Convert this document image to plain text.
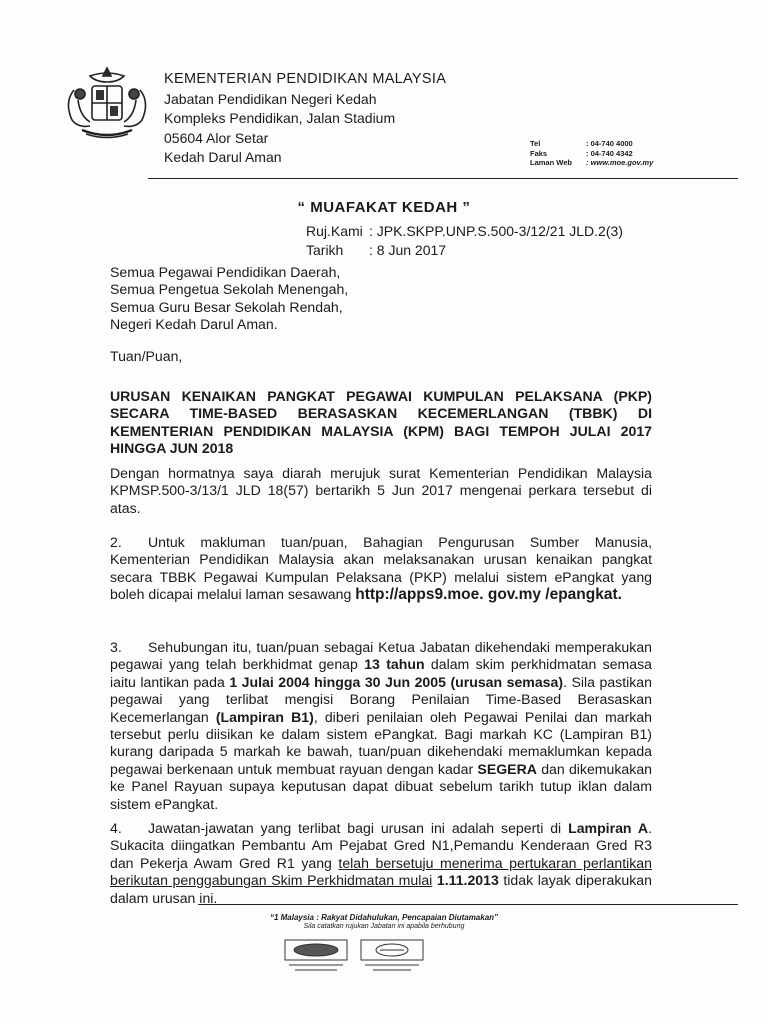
KEMENTERIAN PENDIDIKAN MALAYSIA
Jabatan Pendidikan Negeri Kedah
Kompleks Pendidikan, Jalan Stadium
05604 Alor Setar
Kedah Darul Aman
Tel	: 04-740 4000
Faks	: 04-740 4342
Laman Web	: www.moe.gov.my
“ MUAFAKAT KEDAH ”
Ruj.Kami : JPK.SKPP.UNP.S.500-3/12/21 JLD.2(3)
Tarikh	: 8 Jun 2017
Semua Pegawai Pendidikan Daerah,
Semua Pengetua Sekolah Menengah,
Semua Guru Besar Sekolah Rendah,
Negeri Kedah Darul Aman.
Tuan/Puan,
URUSAN KENAIKAN PANGKAT PEGAWAI KUMPULAN PELAKSANA (PKP) SECARA TIME-BASED BERASASKAN KECEMERLANGAN (TBBK) DI KEMENTERIAN PENDIDIKAN MALAYSIA (KPM) BAGI TEMPOH JULAI 2017 HINGGA JUN 2018
Dengan hormatnya saya diarah merujuk surat Kementerian Pendidikan Malaysia KPMSP.500-3/13/1 JLD 18(57) bertarikh 5 Jun 2017 mengenai perkara tersebut di atas.
2. Untuk makluman tuan/puan, Bahagian Pengurusan Sumber Manusia, Kementerian Pendidikan Malaysia akan melaksanakan urusan kenaikan pangkat secara TBBK Pegawai Kumpulan Pelaksana (PKP) melalui sistem ePangkat yang boleh dicapai melalui laman sesawang http://apps9.moe. gov.my /epangkat.
3. Sehubungan itu, tuan/puan sebagai Ketua Jabatan dikehendaki memperakukan pegawai yang telah berkhidmat genap 13 tahun dalam skim perkhidmatan semasa iaitu lantikan pada 1 Julai 2004 hingga 30 Jun 2005 (urusan semasa). Sila pastikan pegawai yang terlibat mengisi Borang Penilaian Time-Based Berasaskan Kecemerlangan (Lampiran B1), diberi penilaian oleh Pegawai Penilai dan markah tersebut perlu diisikan ke dalam sistem ePangkat. Bagi markah KC (Lampiran B1) kurang daripada 5 markah ke bawah, tuan/puan dikehendaki memaklumkan kepada pegawai berkenaan untuk membuat rayuan dengan kadar SEGERA dan dikemukakan ke Panel Rayuan supaya keputusan dapat dibuat sebelum tarikh tutup iklan dalam sistem ePangkat.
4. Jawatan-jawatan yang terlibat bagi urusan ini adalah seperti di Lampiran A. Sukacita diingatkan Pembantu Am Pejabat Gred N1,Pemandu Kenderaan Gred R3 dan Pekerja Awam Gred R1 yang telah bersetuju menerima pertukaran perlantikan berikutan penggabungan Skim Perkhidmatan mulai 1.11.2013 tidak layak diperakukan dalam urusan ini.
“1 Malaysia : Rakyat Didahulukan, Pencapaian Diutamakan”
Sila catatkan rujukan Jabatan ini apabila berhubung
